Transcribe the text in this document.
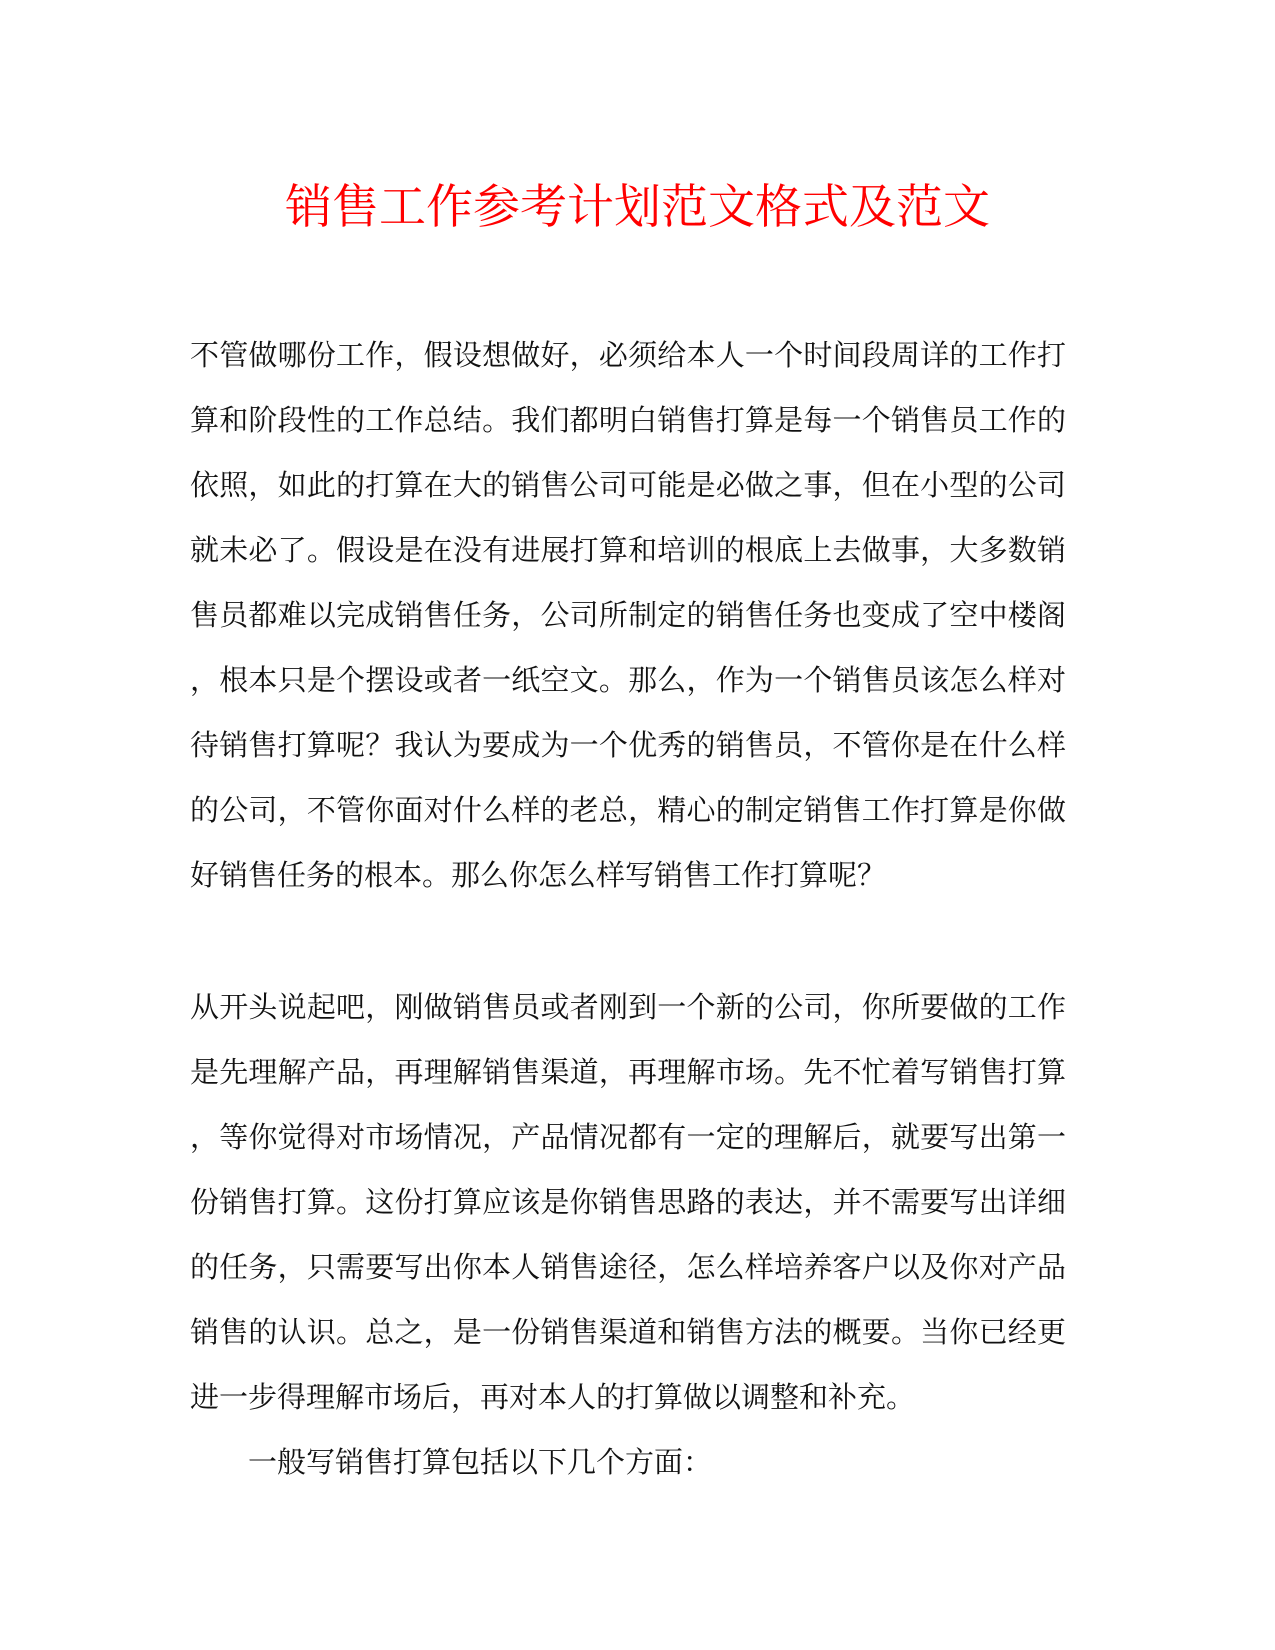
销售工作参考计划范文格式及范文
不管做哪份工作，假设想做好，必须给本人一个时间段周详的工作打
算和阶段性的工作总结。我们都明白销售打算是每一个销售员工作的
依照，如此的打算在大的销售公司可能是必做之事，但在小型的公司
就未必了。假设是在没有进展打算和培训的根底上去做事，大多数销
售员都难以完成销售任务，公司所制定的销售任务也变成了空中楼阁
，根本只是个摆设或者一纸空文。那么，作为一个销售员该怎么样对
待销售打算呢？我认为要成为一个优秀的销售员，不管你是在什么样
的公司，不管你面对什么样的老总，精心的制定销售工作打算是你做
好销售任务的根本。那么你怎么样写销售工作打算呢？
从开头说起吧，刚做销售员或者刚到一个新的公司，你所要做的工作
是先理解产品，再理解销售渠道，再理解市场。先不忙着写销售打算
，等你觉得对市场情况，产品情况都有一定的理解后，就要写出第一
份销售打算。这份打算应该是你销售思路的表达，并不需要写出详细
的任务，只需要写出你本人销售途径，怎么样培养客户以及你对产品
销售的认识。总之，是一份销售渠道和销售方法的概要。当你已经更
进一步得理解市场后，再对本人的打算做以调整和补充。
一般写销售打算包括以下几个方面：
